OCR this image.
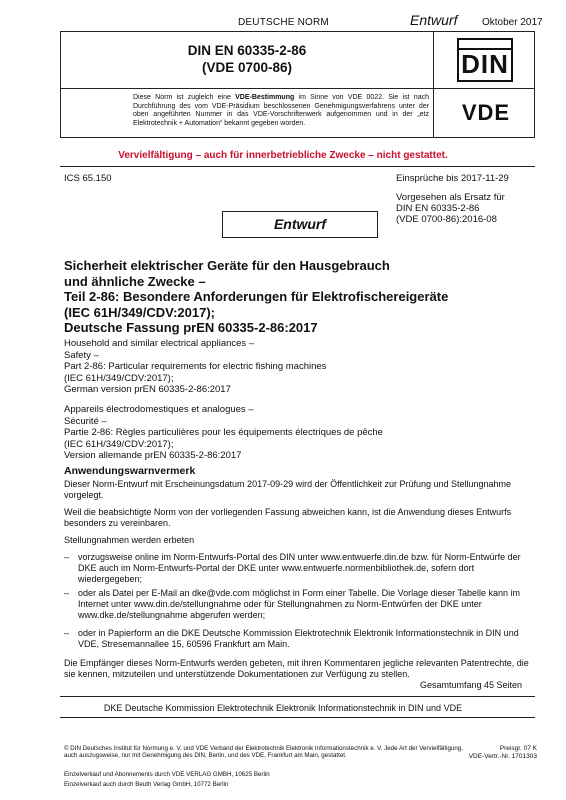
DEUTSCHE NORM	Entwurf Oktober 2017
DIN EN 60335-2-86
(VDE 0700-86)
Diese Norm ist zugleich eine VDE-Bestimmung im Sinne von VDE 0022. Sie ist nach Durchführung des vom VDE-Präsidium beschlossenen Genehmigungsverfahrens unter der oben angeführten Nummer in das VDE-Vorschriftenwerk aufgenommen und in der „etz Elektrotechnik + Automation“ bekannt gegeben worden.
DIN
VDE
Vervielfältigung – auch für innerbetriebliche Zwecke – nicht gestattet.
ICS 65.150	Einsprüche bis 2017-11-29
Vorgesehen als Ersatz für
DIN EN 60335-2-86
(VDE 0700-86):2016-08
Entwurf
Sicherheit elektrischer Geräte für den Hausgebrauch
und ähnliche Zwecke –
Teil 2-86: Besondere Anforderungen für Elektrofischereigeräte
(IEC 61H/349/CDV:2017);
Deutsche Fassung prEN 60335-2-86:2017
Household and similar electrical appliances –
Safety –
Part 2-86: Particular requirements for electric fishing machines
(IEC 61H/349/CDV:2017);
German version prEN 60335-2-86:2017
Appareils électrodomestiques et analogues –
Sécurité –
Partie 2-86: Règles particulières pour les équipements électriques de pêche
(IEC 61H/349/CDV:2017);
Version allemande prEN 60335-2-86:2017
Anwendungswarnvermerk
Dieser Norm-Entwurf mit Erscheinungsdatum 2017-09-29 wird der Öffentlichkeit zur Prüfung und Stellungnahme vorgelegt.
Weil die beabsichtigte Norm von der vorliegenden Fassung abweichen kann, ist die Anwendung dieses Entwurfs besonders zu vereinbaren.
Stellungnahmen werden erbeten
– vorzugsweise online im Norm-Entwurfs-Portal des DIN unter www.entwuerfe.din.de bzw. für Norm-Entwürfe der DKE auch im Norm-Entwurfs-Portal der DKE unter www.entwuerfe.normenbibliothek.de, sofern dort wiedergegeben;
– oder als Datei per E-Mail an dke@vde.com möglichst in Form einer Tabelle. Die Vorlage dieser Tabelle kann im Internet unter www.din.de/stellungnahme oder für Stellungnahmen zu Norm-Entwürfen der DKE unter www.dke.de/stellungnahme abgerufen werden;
– oder in Papierform an die DKE Deutsche Kommission Elektrotechnik Elektronik Informationstechnik in DIN und VDE, Stresemannallee 15, 60596 Frankfurt am Main.
Die Empfänger dieses Norm-Entwurfs werden gebeten, mit ihren Kommentaren jegliche relevanten Patentrechte, die sie kennen, mitzuteilen und unterstützende Dokumentationen zur Verfügung zu stellen.
Gesamtumfang 45 Seiten
DKE Deutsche Kommission Elektrotechnik Elektronik Informationstechnik in DIN und VDE
© DIN Deutsches Institut für Normung e. V. und VDE Verband der Elektrotechnik Elektronik Informationstechnik e. V. Jede Art der Vervielfältigung, auch auszugsweise, nur mit Genehmigung des DIN, Berlin, und des VDE, Frankfurt am Main, gestattet.
Einzelverkauf und Abonnements durch VDE VERLAG GMBH, 10625 Berlin
Einzelverkauf auch durch Beuth Verlag GmbH, 10772 Berlin
Preisgr. 07 K
VDE-Vertr.-Nr. 1701303
